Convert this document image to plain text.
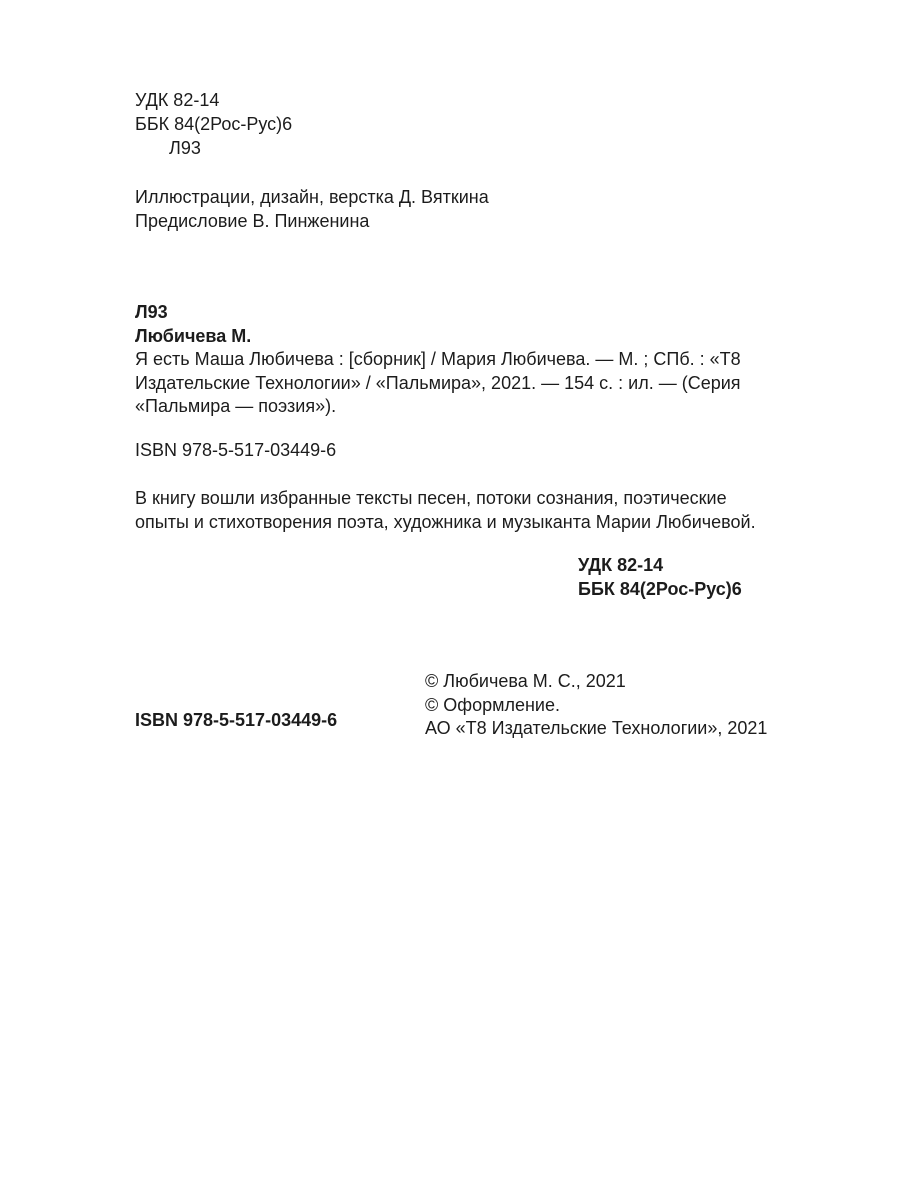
УДК 82-14
ББК 84(2Рос-Рус)6
Л93
Иллюстрации, дизайн, верстка Д. Вяткина
Предисловие В. Пинженина
Л93
Любичева М.
Я есть Маша Любичева : [сборник] / Мария Любичева. — М. ; СПб. : «Т8
Издательские Технологии» / «Пальмира», 2021. — 154 с. : ил. — (Серия
«Пальмира — поэзия»).
ISBN 978-5-517-03449-6
В книгу вошли избранные тексты песен, потоки сознания, поэтические
опыты и стихотворения поэта, художника и музыканта Марии Любичевой.
УДК 82-14
ББК 84(2Рос-Рус)6
ISBN 978-5-517-03449-6
© Любичева М. С., 2021
© Оформление.
АО «Т8 Издательские Технологии», 2021
